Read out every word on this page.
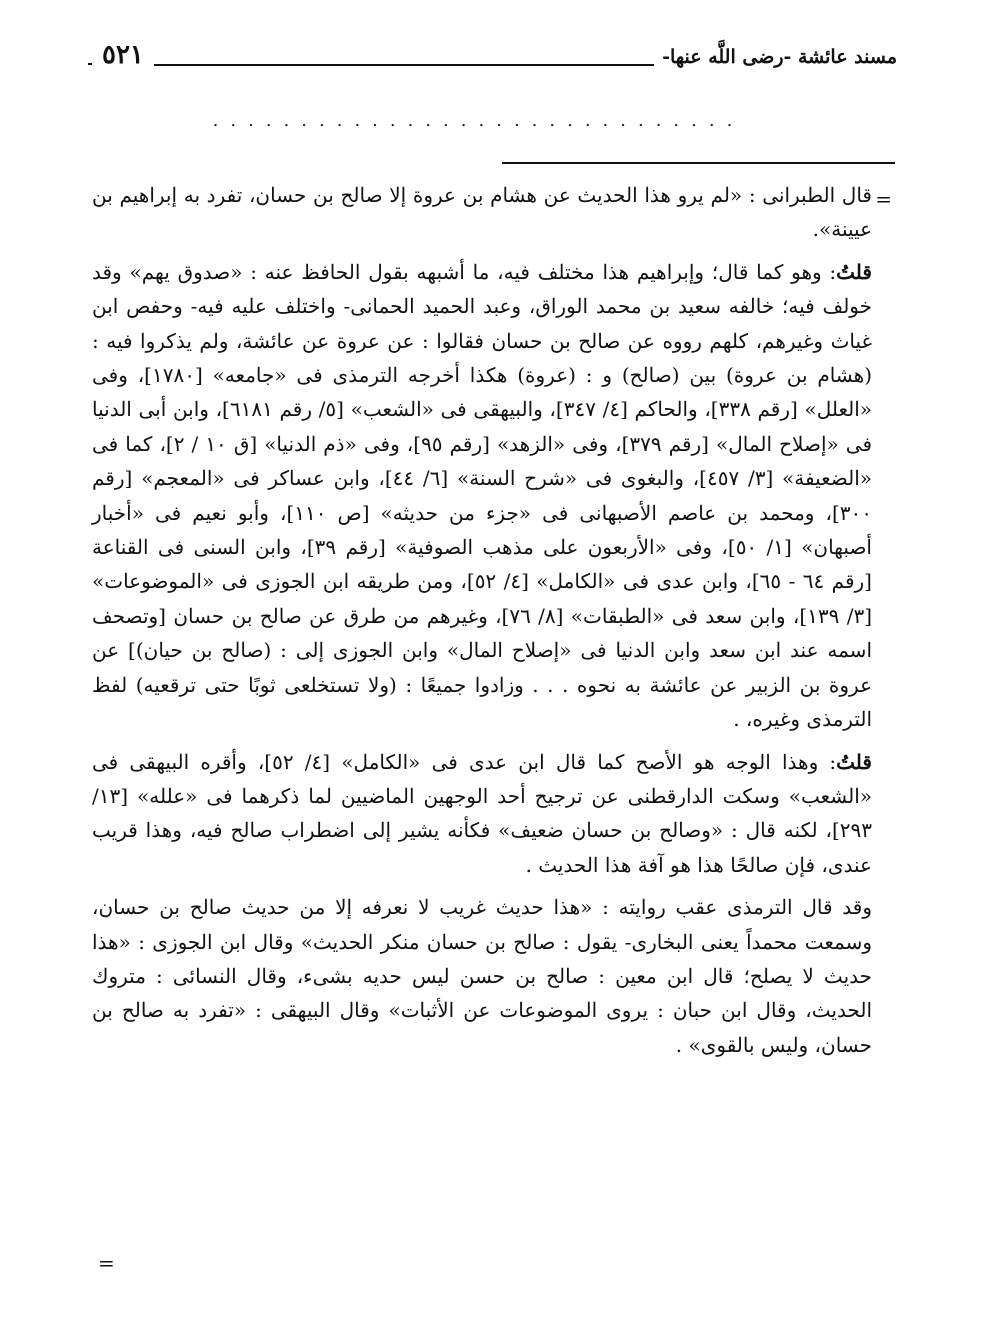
مسند عائشة -رضى اللَّه عنها-
٥٢١
..............................
=

قال الطبرانى : «لم يرو هذا الحديث عن هشام بن عروة إلا صالح بن حسان، تفرد به إبراهيم بن عيينة».

قلتُ: وهو كما قال؛ وإبراهيم هذا مختلف فيه، ما أشبهه بقول الحافظ عنه : «صدوق يهم» وقد خولف فيه؛ خالفه سعيد بن محمد الوراق، وعبد الحميد الحمانى- واختلف عليه فيه- وحفص ابن غياث وغيرهم، كلهم رووه عن صالح بن حسان فقالوا : عن عروة عن عائشة، ولم يذكروا فيه : (هشام بن عروة) بين (صالح) و : (عروة) هكذا أخرجه الترمذى فى «جامعه» [١٧٨٠]، وفى «العلل» [رقم ٣٣٨]، والحاكم [٤/ ٣٤٧]، والبيهقى فى «الشعب» [٥/ رقم ٦١٨١]، وابن أبى الدنيا فى «إصلاح المال» [رقم ٣٧٩]، وفى «الزهد» [رقم ٩٥]، وفى «ذم الدنيا» [ق ١٠ / ٢]، كما فى «الضعيفة» [٣/ ٤٥٧]، والبغوى فى «شرح السنة» [٦/ ٤٤]، وابن عساكر فى «المعجم» [رقم ٣٠٠]، ومحمد بن عاصم الأصبهانى فى «جزء من حديثه» [ص ١١٠]، وأبو نعيم فى «أخبار أصبهان» [١/ ٥٠]، وفى «الأربعون على مذهب الصوفية» [رقم ٣٩]، وابن السنى فى القناعة [رقم ٦٤ - ٦٥]، وابن عدى فى «الكامل» [٤/ ٥٢]، ومن طريقه ابن الجوزى فى «الموضوعات» [٣/ ١٣٩]، وابن سعد فى «الطبقات» [٨/ ٧٦]، وغيرهم من طرق عن صالح بن حسان [وتصحف اسمه عند ابن سعد وابن الدنيا فى «إصلاح المال» وابن الجوزى إلى : (صالح بن حيان)] عن عروة بن الزبير عن عائشة به نحوه . . . وزادوا جميعًا : (ولا تستخلعى ثوبًا حتى ترقعيه) لفظ الترمذى وغيره، .

قلتُ: وهذا الوجه هو الأصح كما قال ابن عدى فى «الكامل» [٤/ ٥٢]، وأقره البيهقى فى «الشعب» وسكت الدارقطنى عن ترجيح أحد الوجهين الماضيين لما ذكرهما فى «علله» [١٣/ ٢٩٣]، لكنه قال : «وصالح بن حسان ضعيف» فكأنه يشير إلى اضطراب صالح فيه، وهذا قريب عندى، فإن صالحًا هذا هو آفة هذا الحديث .

وقد قال الترمذى عقب روايته : «هذا حديث غريب لا نعرفه إلا من حديث صالح بن حسان، وسمعت محمداً يعنى البخارى- يقول : صالح بن حسان منكر الحديث» وقال ابن الجوزى : «هذا حديث لا يصلح؛ قال ابن معين : صالح بن حسن ليس حديه بشىء، وقال النسائى : متروك الحديث، وقال ابن حبان : يروى الموضوعات عن الأثبات» وقال البيهقى : «تفرد به صالح بن حسان، وليس بالقوى» .

=
